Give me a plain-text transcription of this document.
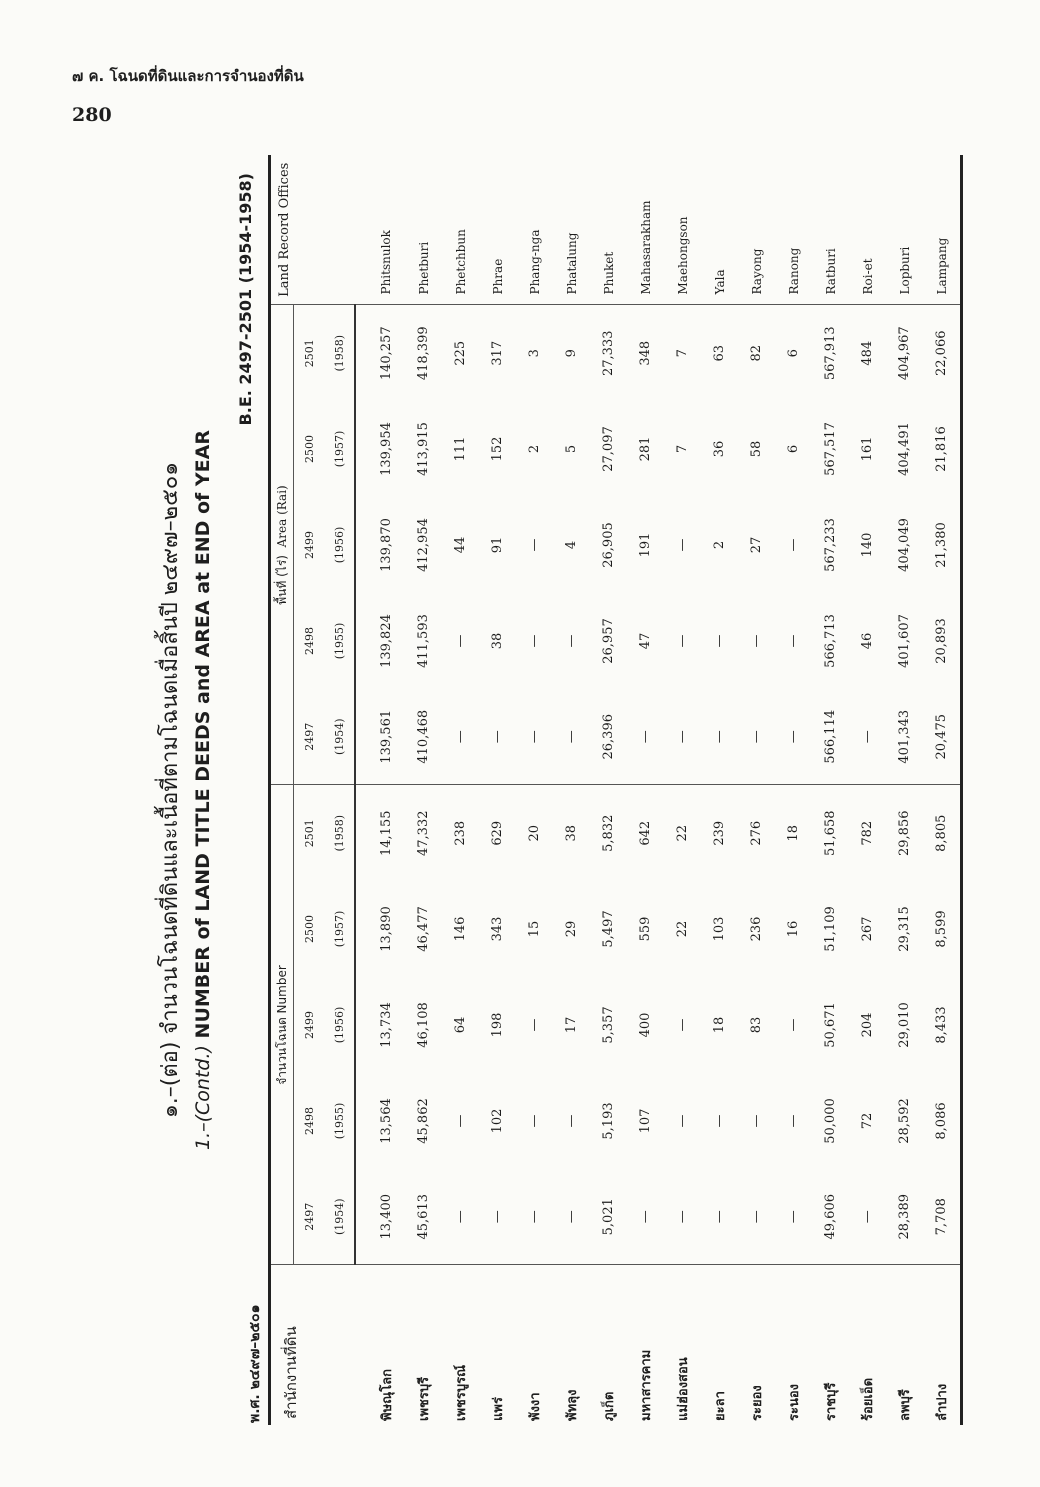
๗ ค. โฉนดที่ดินและการจำนองที่ดิน
280
๑.–(ต่อ) จำนวนโฉนดที่ดินและเนื้อที่ตามโฉนดเมื่อสิ้นปี ๒๔๙๗–๒๕๐๑ 1.–(Contd.) NUMBER of LAND TITLE DEEDS and AREA at END of YEAR
พ.ศ. ๒๔๙๗–๒๕๐๑
B.E. 2497-2501 (1954-1958)
สำนักงานที่ดิน	จำนวนโฉนด Number					พื้นที่ (ไร่)  Area (Rai)					Land Record Offices
	2497	2498	2499	2500	2501	2497	2498	2499	2500	2501	
	(1954)	(1955)	(1956)	(1957)	(1958)	(1954)	(1955)	(1956)	(1957)	(1958)	
พิษณุโลก	13,400	13,564	13,734	13,890	14,155	139,561	139,824	139,870	139,954	140,257	Phitsnulok
เพชรบุรี	45,613	45,862	46,108	46,477	47,332	410,468	411,593	412,954	413,915	418,399	Phetburi
เพชรบูรณ์	—	—	64	146	238	—	—	44	111	225	Phetchbun
แพร่	—	102	198	343	629	—	38	91	152	317	Phrae
พังงา	—	—	—	15	20	—	—	—	2	3	Phang-nga
พัทลุง	—	—	17	29	38	—	—	4	5	9	Phatalung
ภูเก็ต	5,021	5,193	5,357	5,497	5,832	26,396	26,957	26,905	27,097	27,333	Phuket
มหาสารคาม	—	107	400	559	642	—	47	191	281	348	Mahasarakham
แม่ฮ่องสอน	—	—	—	22	22	—	—	—	7	7	Maehongson
ยะลา	—	—	18	103	239	—	—	2	36	63	Yala
ระยอง	—	—	83	236	276	—	—	27	58	82	Rayong
ระนอง	—	—	—	16	18	—	—	—	6	6	Ranong
ราชบุรี	49,606	50,000	50,671	51,109	51,658	566,114	566,713	567,233	567,517	567,913	Ratburi
ร้อยเอ็ด	—	72	204	267	782	—	46	140	161	484	Roi-et
ลพบุรี	28,389	28,592	29,010	29,315	29,856	401,343	401,607	404,049	404,491	404,967	Lopburi
ลำปาง	7,708	8,086	8,433	8,599	8,805	20,475	20,893	21,380	21,816	22,066	Lampang
